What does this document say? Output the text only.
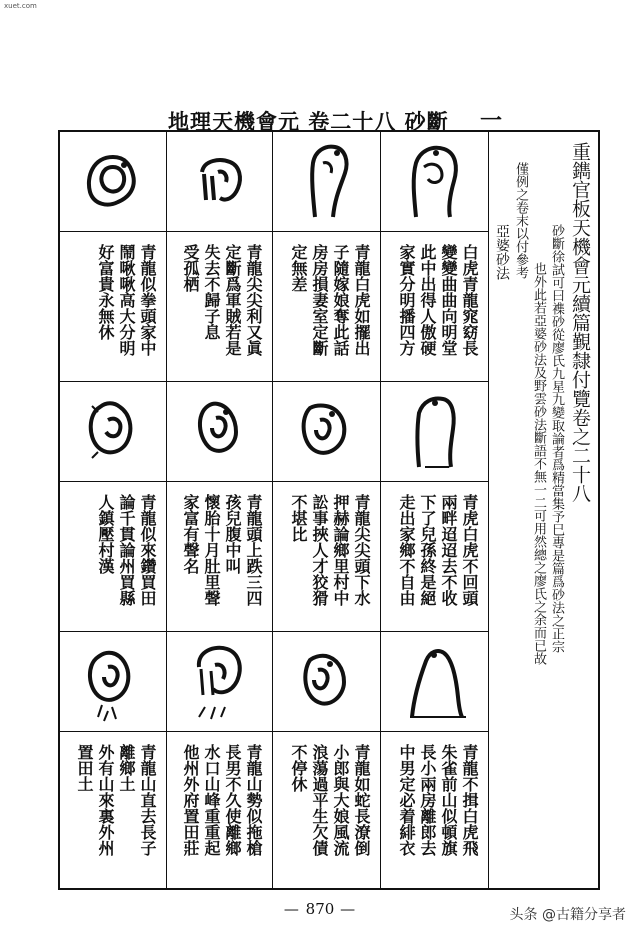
xuet.com
地理天機會元 卷二十八 砂斷 一
青龍似拳頭家中
鬧啾啾高大分明
好富貴永無休
青龍似來鑽買田
論千貫論州買縣
人鎮壓村漢
青龍山直去長子
離鄉土
外有山來裏外州
置田土
青龍尖尖利又眞
定斷爲軍賊若是
失去不歸子息
受孤栖
青龍頭上跌三四
孩兒腹中叫
懷胎十月肚里聲
家富有聲名
青龍山勢似拖槍
長男不久使離鄉
水口山峰重重起
他州外府置田莊
青龍白虎如擺出
子隨嫁娘奪此話
房房損妻室定斷
定無差
青龍尖尖頭下水
押赫論鄉里村中
訟事挾人才狡猾
不堪比
青龍如蛇長潦倒
小郎與大娘風流
浪蕩過平生欠債
不停休
白虎青龍窕窈長
變變曲曲向明堂
此中出得人傲硬
家實分明播四方
青虎白虎不回頭
兩畔迢迢去不收
下了兒孫終是絕
走出家鄉不自由
青龍不揖白虎飛
朱雀前山似頓旗
長小兩房離郎去
中男定必着緋衣
重鐫官板天機會元續篇覲隸付覽卷之二十八
砂斷徐試可曰襍砂從廖氏九星九變取論者爲精當集予巳專是篇爲砂法之正宗
也外此若亞婆砂法及野雲砂法斷語不無一二可用然總之廖氏之余而已故
僅例之卷末以付參考
亞婆砂法
— 870 —	头条 @古籍分享者
